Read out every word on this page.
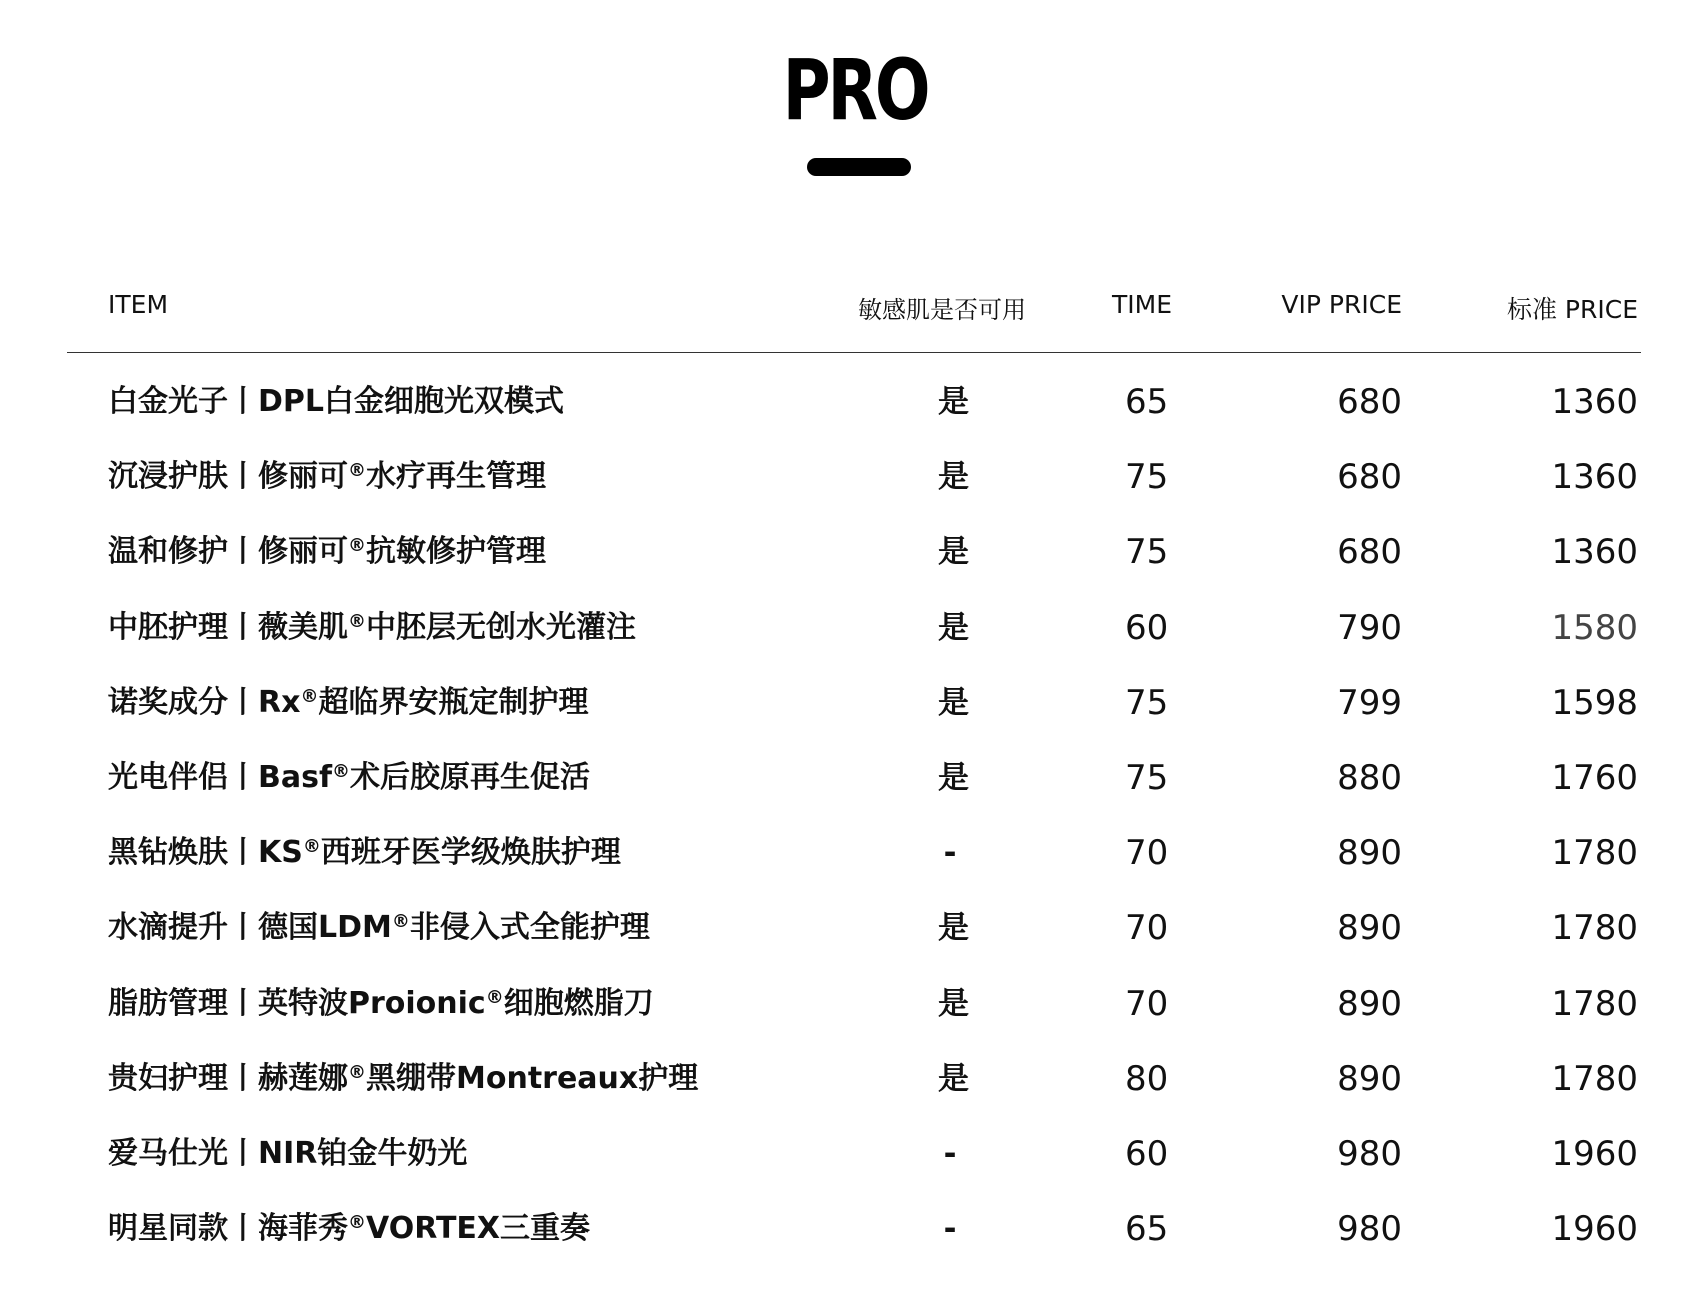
PRO
ITEM	敏感肌是否可用	TIME	VIP PRICE	标准 PRICE
白金光子丨DPL白金细胞光双模式	是	65	680	1360
沉浸护肤丨修丽可®水疗再生管理	是	75	680	1360
温和修护丨修丽可®抗敏修护管理	是	75	680	1360
中胚护理丨薇美肌®中胚层无创水光灌注	是	60	790	1580
诺奖成分丨Rx®超临界安瓶定制护理	是	75	799	1598
光电伴侣丨Basf®术后胶原再生促活	是	75	880	1760
黑钻焕肤丨KS®西班牙医学级焕肤护理	-	70	890	1780
水滴提升丨德国LDM®非侵入式全能护理	是	70	890	1780
脂肪管理丨英特波Proionic®细胞燃脂刀	是	70	890	1780
贵妇护理丨赫莲娜®黑绷带Montreaux护理	是	80	890	1780
爱马仕光丨NIR铂金牛奶光	-	60	980	1960
明星同款丨海菲秀®VORTEX三重奏	-	65	980	1960
